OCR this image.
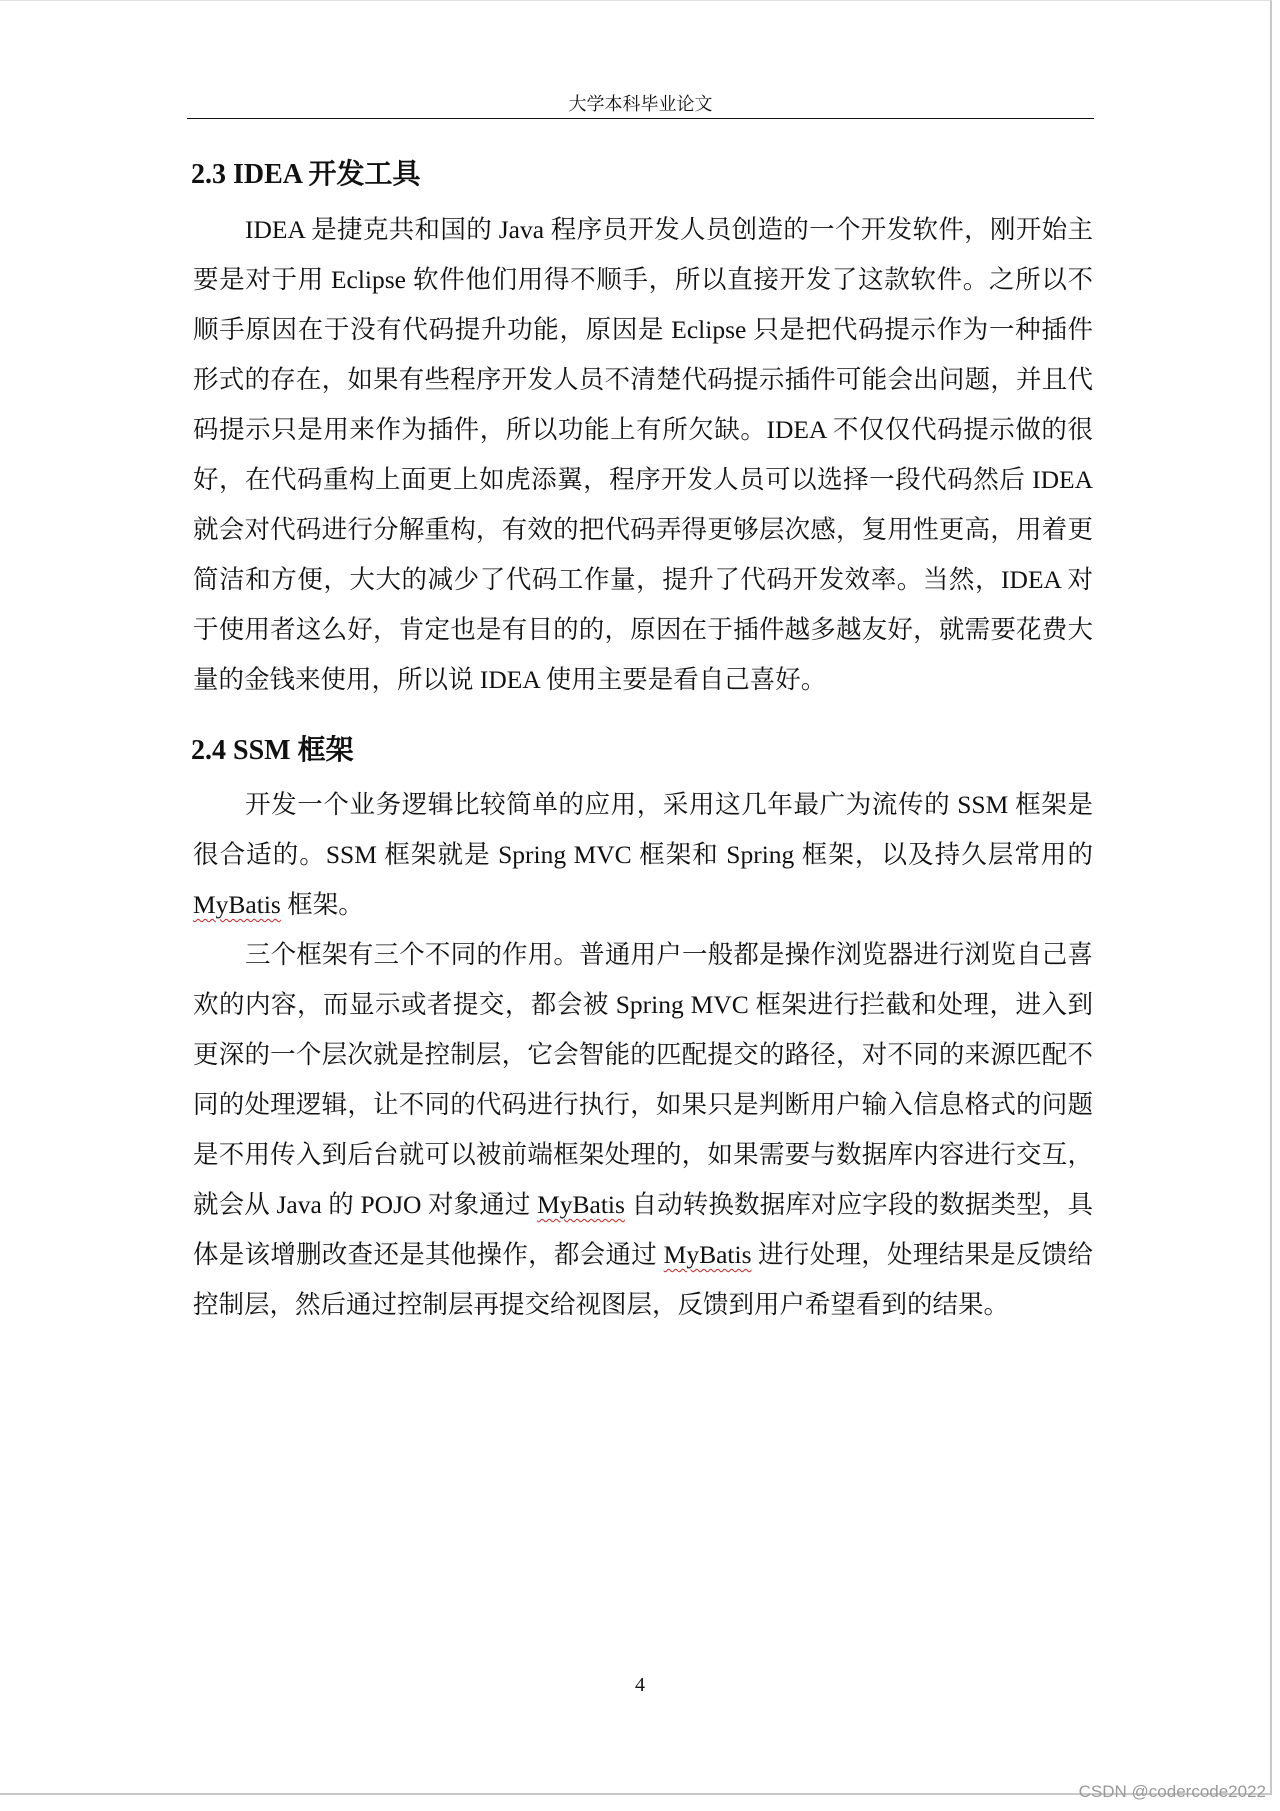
大学本科毕业论文
2.3 IDEA 开发工具
IDEA 是捷克共和国的 Java 程序员开发人员创造的一个开发软件，刚开始主
要是对于用 Eclipse 软件他们用得不顺手，所以直接开发了这款软件。之所以不
顺手原因在于没有代码提升功能，原因是 Eclipse 只是把代码提示作为一种插件
形式的存在，如果有些程序开发人员不清楚代码提示插件可能会出问题，并且代
码提示只是用来作为插件，所以功能上有所欠缺。IDEA 不仅仅代码提示做的很
好，在代码重构上面更上如虎添翼，程序开发人员可以选择一段代码然后 IDEA
就会对代码进行分解重构，有效的把代码弄得更够层次感，复用性更高，用着更
简洁和方便，大大的减少了代码工作量，提升了代码开发效率。当然，IDEA 对
于使用者这么好，肯定也是有目的的，原因在于插件越多越友好，就需要花费大
量的金钱来使用，所以说 IDEA 使用主要是看自己喜好。
2.4 SSM 框架
开发一个业务逻辑比较简单的应用，采用这几年最广为流传的 SSM 框架是
很合适的。SSM 框架就是 Spring MVC 框架和 Spring 框架，以及持久层常用的
MyBatis 框架。
三个框架有三个不同的作用。普通用户一般都是操作浏览器进行浏览自己喜
欢的内容，而显示或者提交，都会被 Spring MVC 框架进行拦截和处理，进入到
更深的一个层次就是控制层，它会智能的匹配提交的路径，对不同的来源匹配不
同的处理逻辑，让不同的代码进行执行，如果只是判断用户输入信息格式的问题
是不用传入到后台就可以被前端框架处理的，如果需要与数据库内容进行交互，
就会从 Java 的 POJO 对象通过 MyBatis 自动转换数据库对应字段的数据类型，具
体是该增删改查还是其他操作，都会通过 MyBatis 进行处理，处理结果是反馈给
控制层，然后通过控制层再提交给视图层，反馈到用户希望看到的结果。
4
CSDN @codercode2022
